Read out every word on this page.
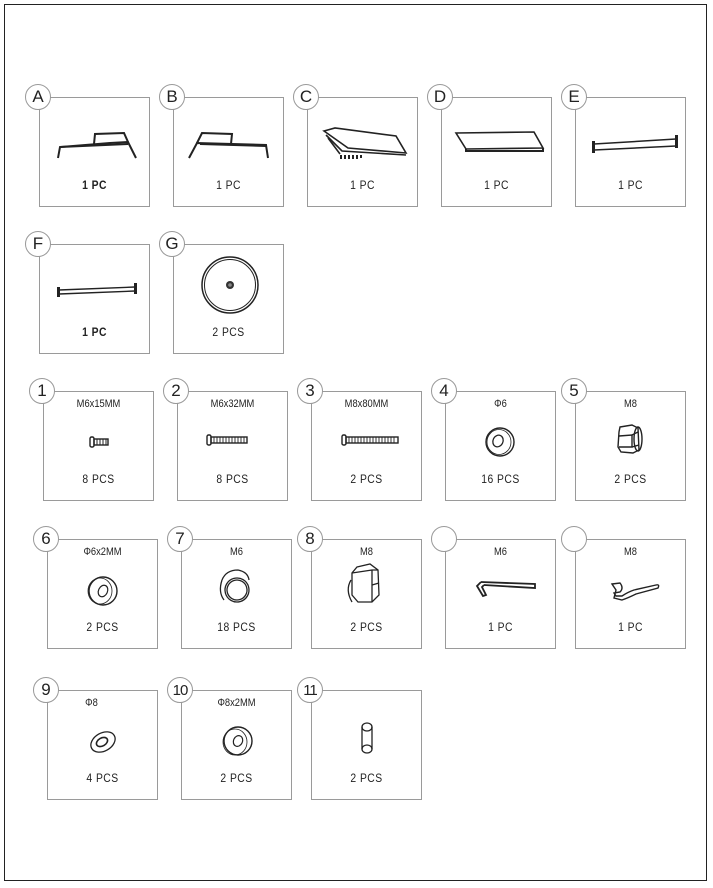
A
1 PC
B
1 PC
C
1 PC
D
1 PC
E
1 PC
F
1 PC
G
2 PCS
1
M6x15MM
8 PCS
2
M6x32MM
8 PCS
3
M8x80MM
2 PCS
4
Φ6
16 PCS
5
M8
2 PCS
6
Φ6x2MM
2 PCS
7
M6
18 PCS
8
M8
2 PCS
M6
1 PC
M8
1 PC
9
Φ8
4 PCS
10
Φ8x2MM
2 PCS
11
2 PCS
